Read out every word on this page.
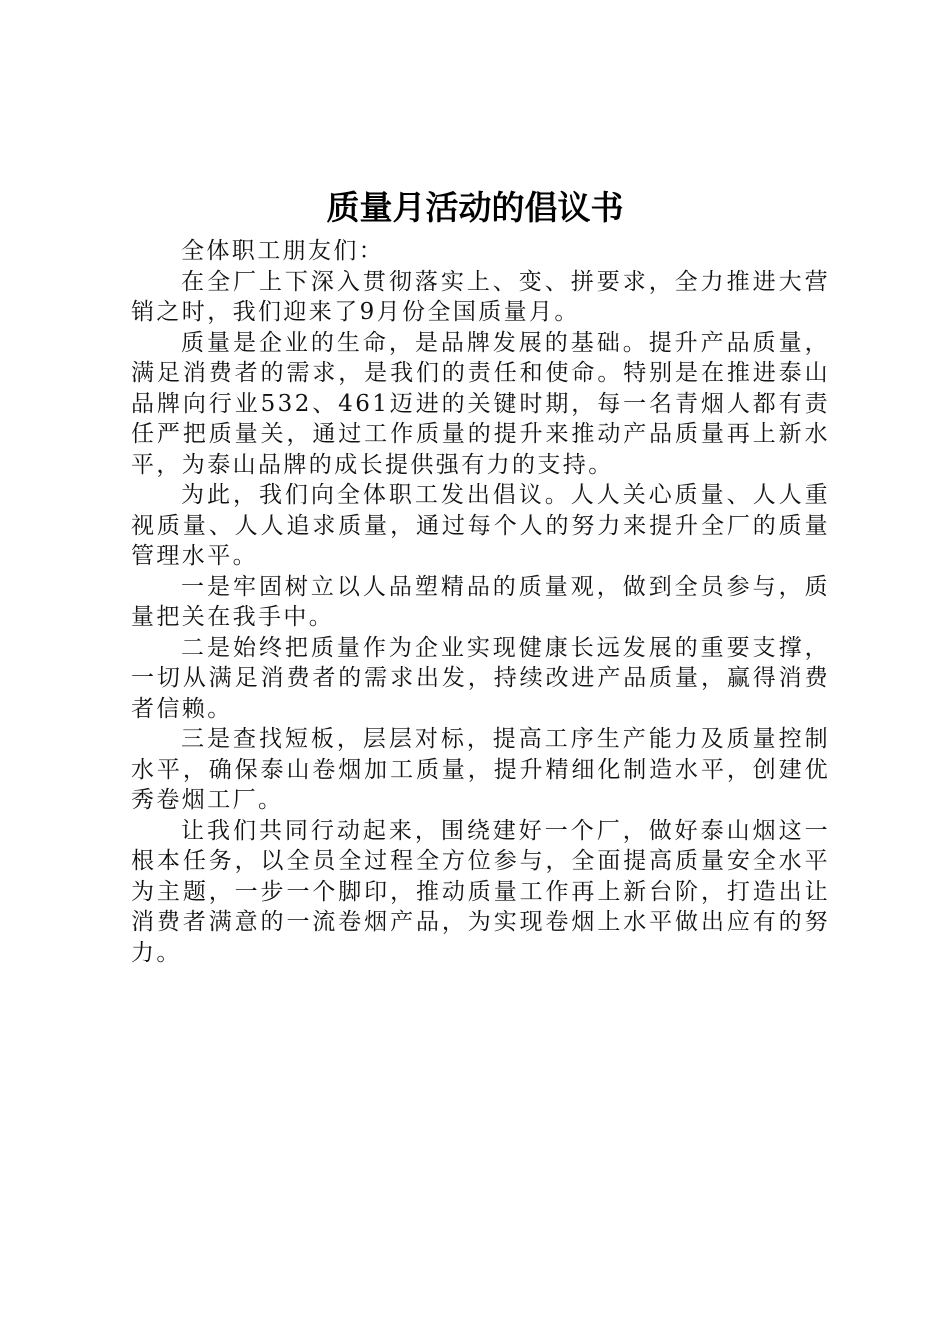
质量月活动的倡议书

全体职工朋友们：

在全厂上下深入贯彻落实上、变、拼要求，全力推进大营销之时，我们迎来了9月份全国质量月。

质量是企业的生命，是品牌发展的基础。提升产品质量，满足消费者的需求，是我们的责任和使命。特别是在推进泰山品牌向行业532、461迈进的关键时期，每一名青烟人都有责任严把质量关，通过工作质量的提升来推动产品质量再上新水平，为泰山品牌的成长提供强有力的支持。

为此，我们向全体职工发出倡议。人人关心质量、人人重视质量、人人追求质量，通过每个人的努力来提升全厂的质量管理水平。

一是牢固树立以人品塑精品的质量观，做到全员参与，质量把关在我手中。

二是始终把质量作为企业实现健康长远发展的重要支撑，一切从满足消费者的需求出发，持续改进产品质量，赢得消费者信赖。

三是查找短板，层层对标，提高工序生产能力及质量控制水平，确保泰山卷烟加工质量，提升精细化制造水平，创建优秀卷烟工厂。

让我们共同行动起来，围绕建好一个厂，做好泰山烟这一根本任务，以全员全过程全方位参与，全面提高质量安全水平为主题，一步一个脚印，推动质量工作再上新台阶，打造出让消费者满意的一流卷烟产品，为实现卷烟上水平做出应有的努力。
